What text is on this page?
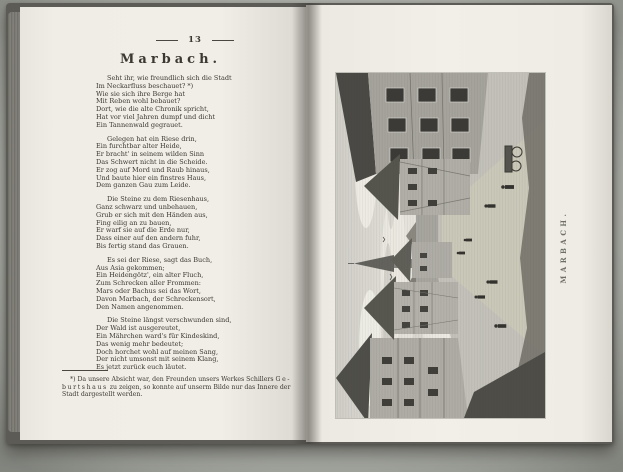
13
Marbach.

Seht ihr, wie freundlich sich die Stadt

Im Neckarfluss beschauet? *)

Wie sie sich ihre Berge hat

Mit Reben wohl bebauet?

Dort, wie die alte Chronik spricht,

Hat vor viel Jahren dumpf und dicht

Ein Tannenwald gegrauet.

Gelegen hat ein Riese drin,

Ein furchtbar alter Heide,

Er bracht' in seinem wilden Sinn

Das Schwert nicht in die Scheide.

Er zog auf Mord und Raub hinaus,

Und baute hier ein finstres Haus,

Dem ganzen Gau zum Leide.

Die Steine zu dem Riesenhaus,

Ganz schwarz und unbehauen,

Grub er sich mit den Händen aus,

Fing eilig an zu bauen,

Er warf sie auf die Erde nur,

Dass einer auf den andern fuhr,

Bis fertig stand das Grauen.

Es sei der Riese, sagt das Buch,

Aus Asia gekommen;

Ein Heidengötz', ein alter Fluch,

Zum Schrecken aller Frommen:

Mars oder Bachus sei das Wort,

Davon Marbach, der Schreckensort,

Den Namen angenommen.

Die Steine längst verschwunden sind,

Der Wald ist ausgereutet,

Ein Mährchen ward's für Kindeskind,

Das wenig mehr bedeutet;

Doch horchet wohl auf meinen Sang,

Der nicht umsonst mit seinem Klang,

Es jetzt zurück euch läutet.

*) Da unsere Absicht war, den Freunden unsers Werkes Schillers Ge-

burtshaus zu zeigen, so konnte auf unserm Bilde nur das Innere der

Stadt dargestellt werden.

MARBACH.
